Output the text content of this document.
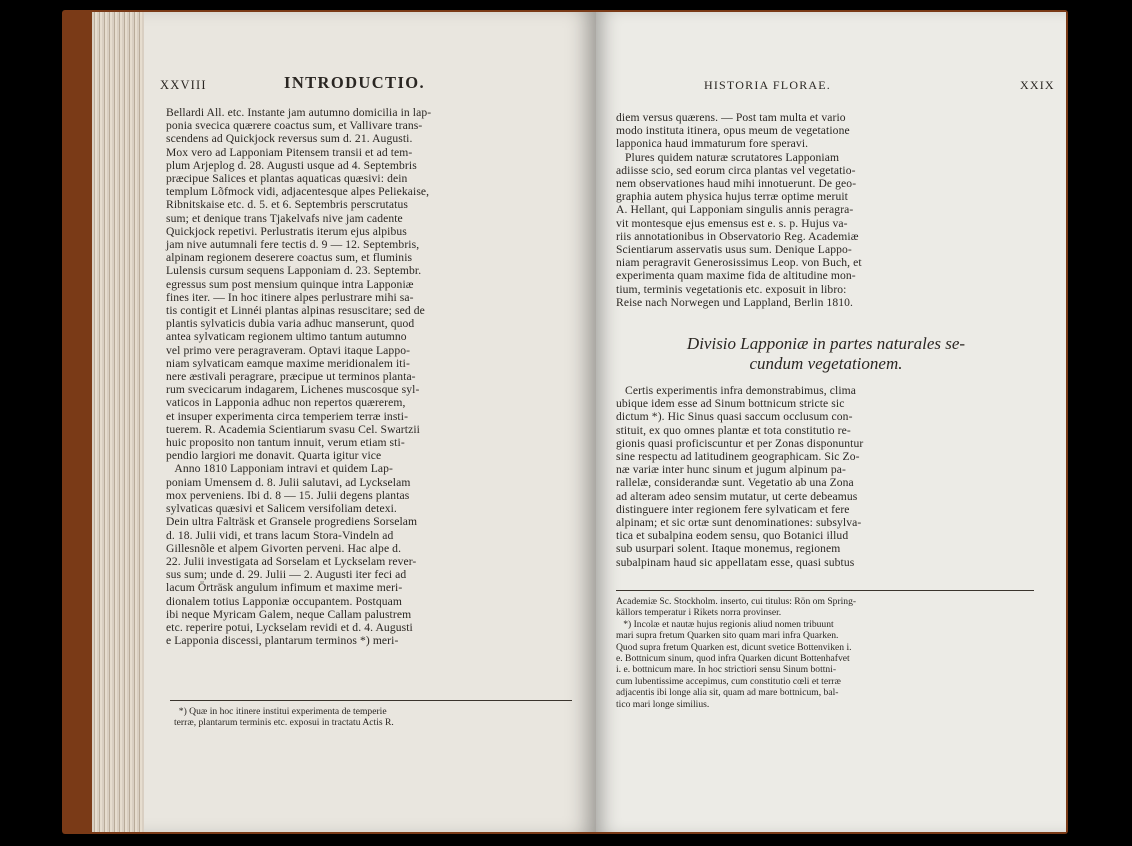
XXVIII	INTRODUCTIO.
Bellardi All. etc. Instante jam autumno domicilia in lap-
ponia svecica quærere coactus sum, et Vallivare trans-
scendens ad Quickjock reversus sum d. 21. Augusti.
Mox vero ad Lapponiam Pitensem transii et ad tem-
plum Arjeplog d. 28. Augusti usque ad 4. Septembris
præcipue Salices et plantas aquaticas quæsivi: dein
templum Lõfmock vidi, adjacentesque alpes Peliekaise,
Ribnitskaise etc. d. 5. et 6. Septembris perscrutatus
sum; et denique trans Tjakelvafs nive jam cadente
Quickjock repetivi. Perlustratis iterum ejus alpibus
jam nive autumnali fere tectis d. 9 — 12. Septembris,
alpinam regionem deserere coactus sum, et fluminis
Lulensis cursum sequens Lapponiam d. 23. Septembr.
egressus sum post mensium quinque intra Lapponiæ
fines iter. — In hoc itinere alpes perlustrare mihi sa-
tis contigit et Linnéi plantas alpinas resuscitare; sed de
plantis sylvaticis dubia varia adhuc manserunt, quod
antea sylvaticam regionem ultimo tantum autumno
vel primo vere peragraveram. Optavi itaque Lappo-
niam sylvaticam eamque maxime meridionalem iti-
nere æstivali peragrare, præcipue ut terminos planta-
rum svecicarum indagarem, Lichenes muscosque syl-
vaticos in Lapponia adhuc non repertos quærerem,
et insuper experimenta circa temperiem terræ insti-
tuerem. R. Academia Scientiarum svasu Cel. Swartzii
huic proposito non tantum innuit, verum etiam sti-
pendio largiori me donavit. Quarta igitur vice
Anno 1810 Lapponiam intravi et quidem Lap-
poniam Umensem d. 8. Julii salutavi, ad Lyckselam
mox perveniens. Ibi d. 8 — 15. Julii degens plantas
sylvaticas quæsivi et Salicem versifoliam detexi.
Dein ultra Falträsk et Gransele progrediens Sorselam
d. 18. Julii vidi, et trans lacum Stora-Vindeln ad
Gillesnõle et alpem Givorten perveni. Hac alpe d.
22. Julii investigata ad Sorselam et Lyckselam rever-
sus sum; unde d. 29. Julii — 2. Augusti iter feci ad
lacum Örträsk angulum infimum et maxime meri-
dionalem totius Lapponiæ occupantem. Postquam
ibi neque Myricam Galem, neque Callam palustrem
etc. reperire potui, Lyckselam revidi et d. 4. Augusti
e Lapponia discessi, plantarum terminos *) meri-
*) Quæ in hoc itinere institui experimenta de temperie
terræ, plantarum terminis etc. exposui in tractatu Actis R.
HISTORIA FLORAE.	XXIX
diem versus quærens. — Post tam multa et vario
modo instituta itinera, opus meum de vegetatione
lapponica haud immaturum fore speravi.
Plures quidem naturæ scrutatores Lapponiam
adiisse scio, sed eorum circa plantas vel vegetatio-
nem observationes haud mihi innotuerunt. De geo-
graphia autem physica hujus terræ optime meruit
A. Hellant, qui Lapponiam singulis annis peragra-
vit montesque ejus emensus est e. s. p. Hujus va-
riis annotationibus in Observatorio Reg. Academiæ
Scientiarum asservatis usus sum. Denique Lappo-
niam peragravit Generosissimus Leop. von Buch, et
experimenta quam maxime fida de altitudine mon-
tium, terminis vegetationis etc. exposuit in libro:
Reise nach Norwegen und Lappland, Berlin 1810.
Divisio Lapponiæ in partes naturales se-
cundum vegetationem.
Certis experimentis infra demonstrabimus, clima
ubique idem esse ad Sinum bottnicum stricte sic
dictum *). Hic Sinus quasi saccum occlusum con-
stituit, ex quo omnes plantæ et tota constitutio re-
gionis quasi proficiscuntur et per Zonas disponuntur
sine respectu ad latitudinem geographicam. Sic Zo-
næ variæ inter hunc sinum et jugum alpinum pa-
rallelæ, considerandæ sunt. Vegetatio ab una Zona
ad alteram adeo sensim mutatur, ut certe debeamus
distinguere inter regionem fere sylvaticam et fere
alpinam; et sic ortæ sunt denominationes: subsylva-
tica et subalpina eodem sensu, quo Botanici illud
sub usurpari solent. Itaque monemus, regionem
subalpinam haud sic appellatam esse, quasi subtus
Academiæ Sc. Stockholm. inserto, cui titulus: Rön om Spring-
källors temperatur i Rikets norra provinser.
*) Incolæ et nautæ hujus regionis aliud nomen tribuunt
mari supra fretum Quarken sito quam mari infra Quarken.
Quod supra fretum Quarken est, dicunt svetice Bottenviken i.
e. Bottnicum sinum, quod infra Quarken dicunt Bottenhafvet
i. e. bottnicum mare. In hoc strictiori sensu Sinum bottni-
cum lubentissime accepimus, cum constitutio cœli et terræ
adjacentis ibi longe alia sit, quam ad mare bottnicum, bal-
tico mari longe similius.
